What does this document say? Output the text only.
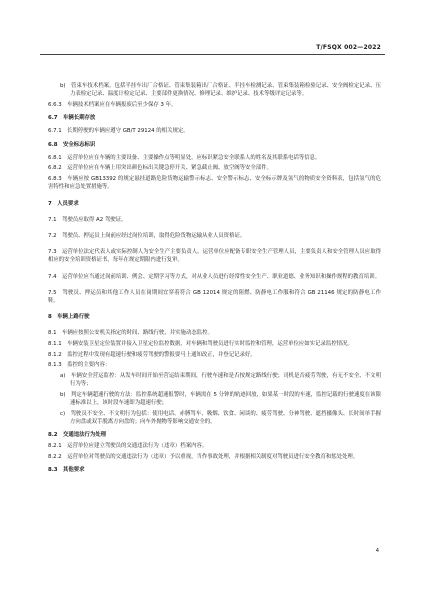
T/FSQX 002—2022

b)　管束车技术档案，包括半挂车出厂合格证、管束集装箱出厂合格证、半挂车检测记录、管束集装箱检验记录、安全阀检定记录、压力表检定记录、温度计检定记录、主要部件更换情况、修理记录、维护记录、技术等级评定记录等。

6.6.3　车辆技术档案应在车辆报废后至少保存 3 年。

6.7　车辆长期存放

6.7.1　长期停驶的车辆应遵守 GB/T 29124 的相关规定。

6.8　安全标志标识

6.8.1　运营单位应在车辆的主要设备、主要操作点等明显处，应标识紧急安全联系人的姓名及其联系电话等信息。

6.8.2　运营单位应在车辆上用突出颜色标出关键急停开关、紧急截止阀、放空阀等安全部件。

6.8.3　车辆应按 GB13392 的规定悬挂道路危险货物运输警示标志、安全警示标志、安全标示牌及氢气的物质安全资料表，包括氢气的危害特性和应急处置措施等。

7　人员要求

7.1　驾驶员应取得 A2 驾驶证。

7.2　驾驶员、押运员上岗前应经过岗位培训，取得危险货物运输从业人员资格证。

7.3　运营单位法定代表人或实际控制人为安全生产主要负责人。运营单位应配备专职安全生产管理人员，主要负责人和安全管理人员应取得相应的安全培训资格证书，每年在规定期限内进行复审。

7.4　运营单位应当通过岗前培训、例会、定期学习等方式，对从业人员进行经常性安全生产、职业道德、业务知识和操作规程的教育培训。

7.5　驾驶员、押运员和其他工作人员在岗期间宜穿着符合 GB 12014 规定的阻燃、防静电工作服和符合 GB 21146 规定的防静电工作鞋。

8　车辆上路行驶

8.1　车辆应按照公安机关指定的时间、路线行驶，并实施动态监控。

8.1.1　车辆安装卫星定位装置并接入卫星定位监控数据，对车辆和驾驶员进行实时监控和管理，运营单位应如实记录监控情况。

8.1.2　监控过程中发现有超速行驶和疲劳驾驶的警报要马上通知改正，并登记记录好。

8.1.3　监控的主要内容：

a)　车辆安全营运监控：从发车时间开始至营运结束期间，行驶车速和是否按规定路线行驶；司机是否疲劳驾驶，有无不安全、不文明行为等；

b)　判定车辆超速行驶的方法：监控系统超速报警时，车辆需在 5 分钟的轨迹回放，如果某一时段的车速，监控记载的行驶速度在该限速标准以上，该时段车速即为超速行驶；

c)　驾驶员不安全、不文明行为包括：使用电话、赤膊驾车、吸烟、饮食、闲谈的、疲劳驾驶、分神驾驶、遮挡摄像头、长时间单手握方向盘或双手脱离方向盘的；向车外抛物等影响交通安全的。

8.2　交通违法行为处理

8.2.1　运营单位应建立驾驶员的交通违法行为（违章）档案内容。

8.2.2　运营单位对驾驶员的交通违法行为（违章）予以重视，当作事故处理，并根据相关制度对驾驶员进行安全教育和惩处处理。

8.3　其他要求

4
